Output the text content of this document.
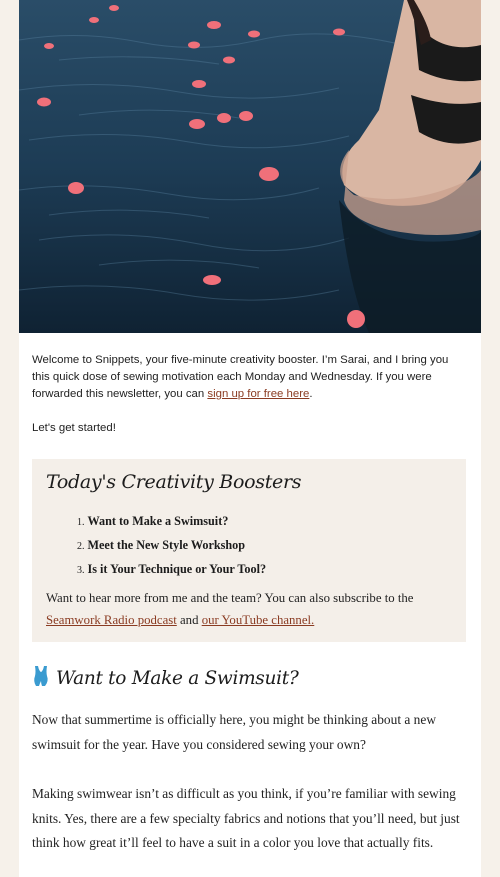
Welcome to Snippets, your five-minute creativity booster. I’m Sarai, and I bring you this quick dose of sewing motivation each Monday and Wednesday. If you were forwarded this newsletter, you can sign up for free here.

Let's get started!

Today's Creativity Boosters
1. Want to Make a Swimsuit?
2. Meet the New Style Workshop
3. Is it Your Technique or Your Tool?

Want to hear more from me and the team? You can also subscribe to the Seamwork Radio podcast and our YouTube channel.

Want to Make a Swimsuit?

Now that summertime is officially here, you might be thinking about a new swimsuit for the year. Have you considered sewing your own?

Making swimwear isn’t as difficult as you think, if you’re familiar with sewing knits. Yes, there are a few specialty fabrics and notions that you’ll need, but just think how great it’ll feel to have a suit in a color you love that actually fits.
